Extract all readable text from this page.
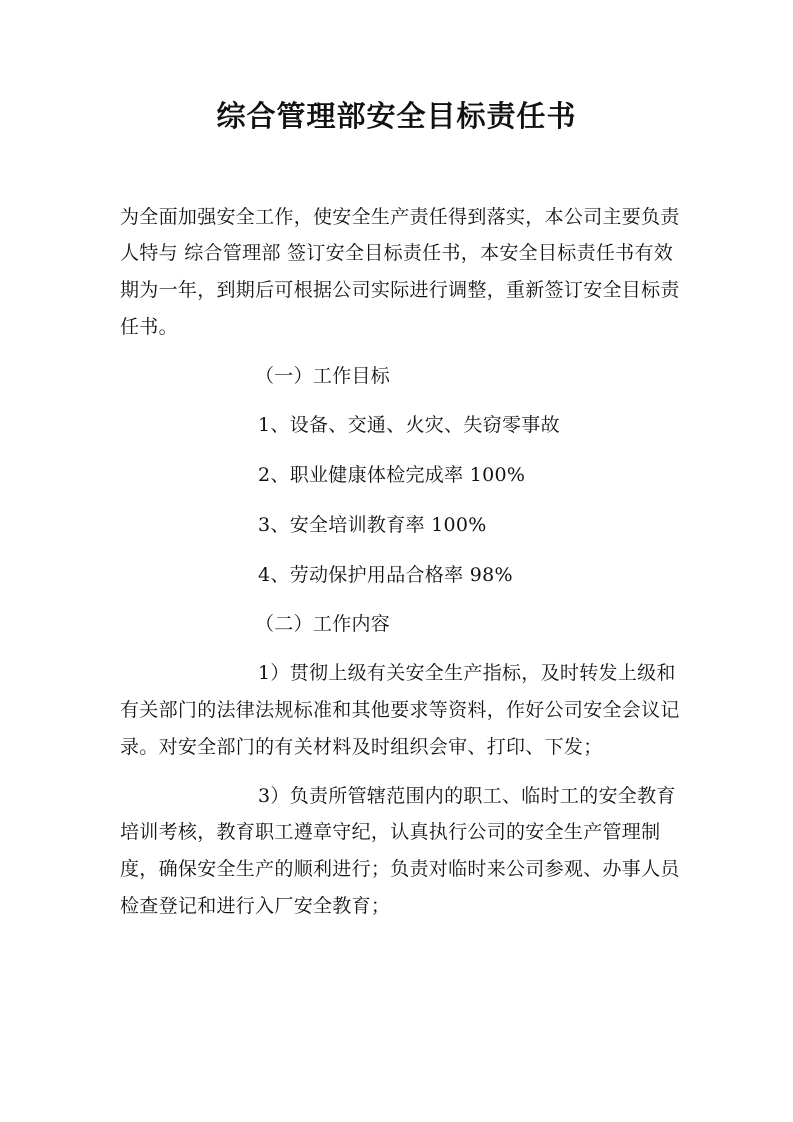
综合管理部安全目标责任书
为全面加强安全工作，使安全生产责任得到落实，本公司主要负责
人特与 综合管理部 签订安全目标责任书，本安全目标责任书有效
期为一年，到期后可根据公司实际进行调整，重新签订安全目标责
任书。
（一）工作目标
1、设备、交通、火灾、失窃零事故
2、职业健康体检完成率 100%
3、安全培训教育率 100%
4、劳动保护用品合格率 98%
（二）工作内容
1）贯彻上级有关安全生产指标，及时转发上级和
有关部门的法律法规标准和其他要求等资料，作好公司安全会议记
录。对安全部门的有关材料及时组织会审、打印、下发；
3）负责所管辖范围内的职工、临时工的安全教育
培训考核，教育职工遵章守纪，认真执行公司的安全生产管理制
度，确保安全生产的顺利进行；负责对临时来公司参观、办事人员
检查登记和进行入厂安全教育；
